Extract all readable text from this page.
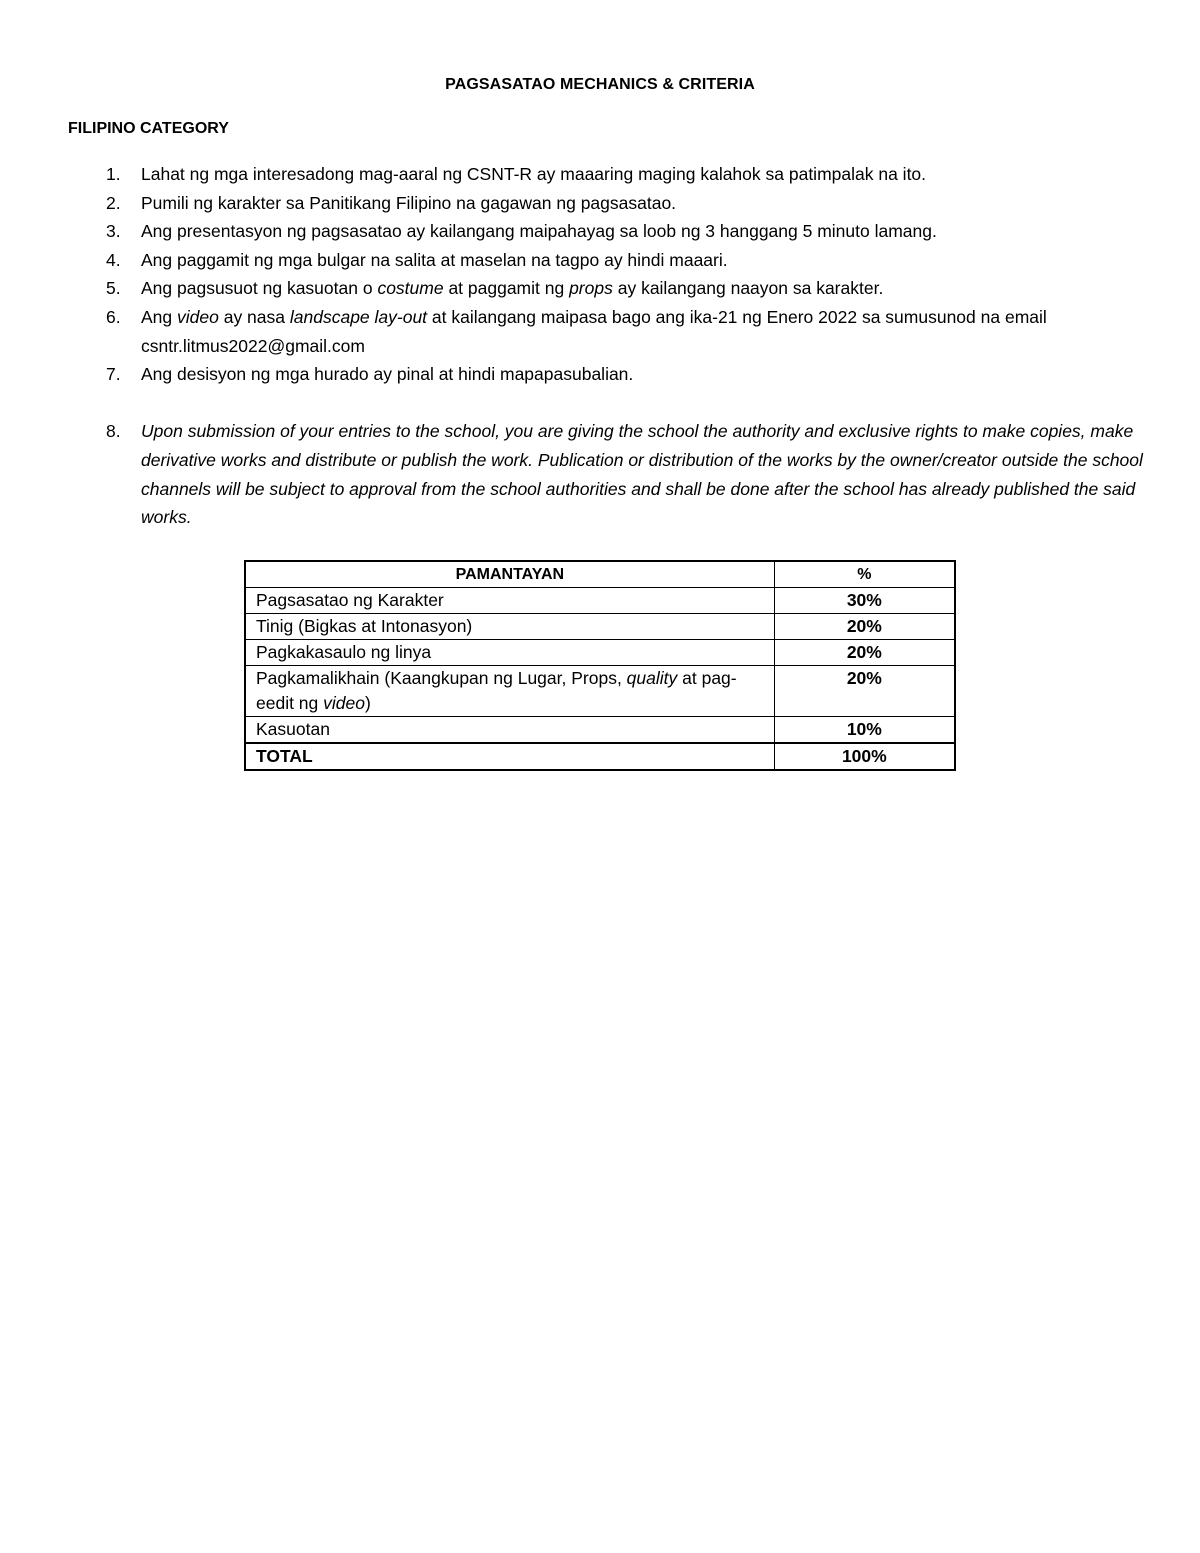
PAGSASATAO MECHANICS & CRITERIA
FILIPINO CATEGORY
1. Lahat ng mga interesadong mag-aaral ng CSNT-R ay maaaring maging kalahok sa patimpalak na ito.
2. Pumili ng karakter sa Panitikang Filipino na gagawan ng pagsasatao.
3. Ang presentasyon ng pagsasatao ay kailangang maipahayag sa loob ng 3 hanggang 5 minuto lamang.
4. Ang paggamit ng mga bulgar na salita at maselan na tagpo ay hindi maaari.
5. Ang pagsusuot ng kasuotan o costume at paggamit ng props ay kailangang naayon sa karakter.
6. Ang video ay nasa landscape lay-out at kailangang maipasa bago ang ika-21 ng Enero 2022 sa sumusunod na email csntr.litmus2022@gmail.com
7. Ang desisyon ng mga hurado ay pinal at hindi mapapasubalian.
8. Upon submission of your entries to the school, you are giving the school the authority and exclusive rights to make copies, make derivative works and distribute or publish the work. Publication or distribution of the works by the owner/creator outside the school channels will be subject to approval from the school authorities and shall be done after the school has already published the said works.
PAMANTAYAN	%
Pagsasatao ng Karakter	30%
Tinig (Bigkas at Intonasyon)	20%
Pagkakasaulo ng linya	20%
Pagkamalikhain (Kaangkupan ng Lugar, Props, quality at pag-eedit ng video)	20%
Kasuotan	10%
TOTAL	100%
